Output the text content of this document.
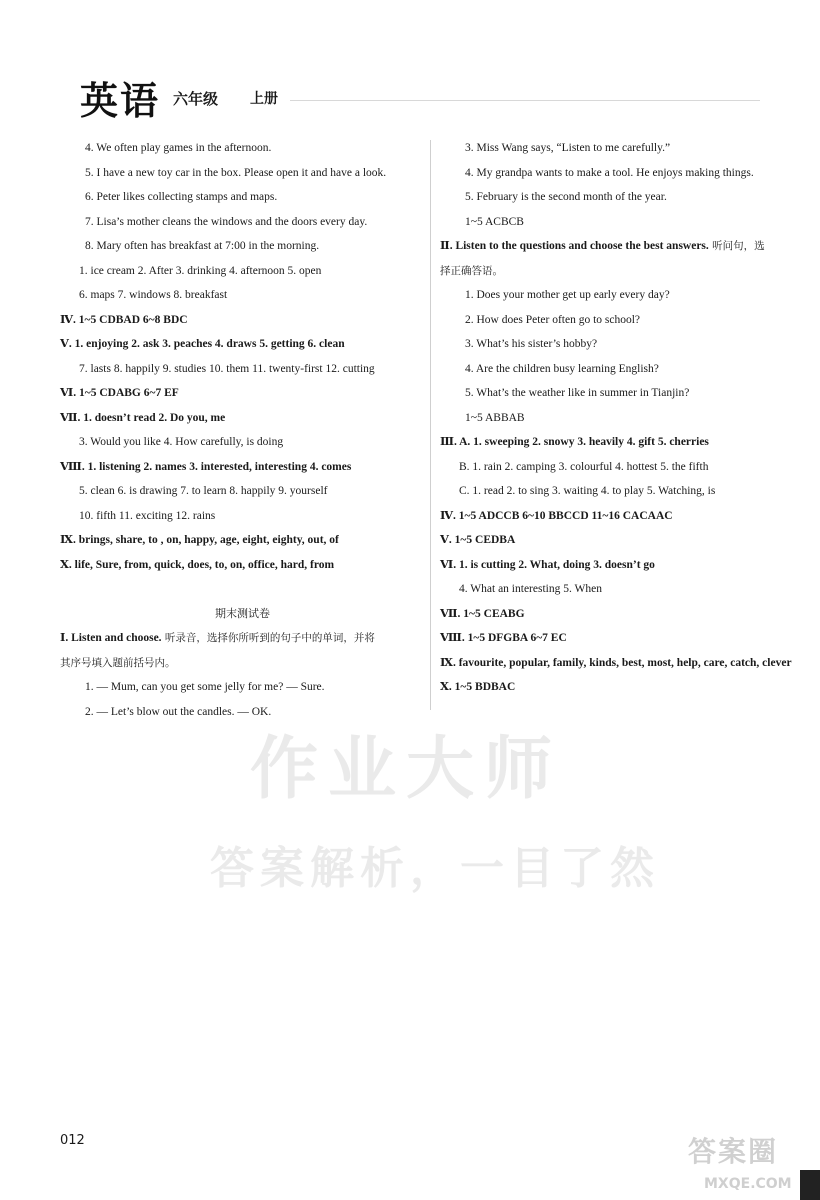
英语 六年级 上册
作业大师
答案解析，一目了然
4. We often play games in the afternoon.
5. I have a new toy car in the box. Please open it and have a look.
6. Peter likes collecting stamps and maps.
7. Lisa’s mother cleans the windows and the doors every day.
8. Mary often has breakfast at 7:00 in the morning.
1. ice cream 2. After 3. drinking 4. afternoon 5. open
6. maps 7. windows 8. breakfast
Ⅳ. 1~5 CDBAD 6~8 BDC
Ⅴ. 1. enjoying 2. ask 3. peaches 4. draws 5. getting 6. clean
7. lasts 8. happily 9. studies 10. them 11. twenty-first 12. cutting
Ⅵ. 1~5 CDABG 6~7 EF
Ⅶ. 1. doesn’t read 2. Do you, me
3. Would you like 4. How carefully, is doing
Ⅷ. 1. listening 2. names 3. interested, interesting 4. comes
5. clean 6. is drawing 7. to learn 8. happily 9. yourself
10. fifth 11. exciting 12. rains
Ⅸ. brings, share, to , on, happy, age, eight, eighty, out, of
Ⅹ. life, Sure, from, quick, does, to, on, office, hard, from

期末测试卷
Ⅰ. Listen and choose. 听录音，选择你所听到的句子中的单词，并将
其序号填入题前括号内。
1. — Mum, can you get some jelly for me? — Sure.
2. — Let’s blow out the candles. — OK.
3. Miss Wang says, “Listen to me carefully.”
4. My grandpa wants to make a tool. He enjoys making things.
5. February is the second month of the year.
1~5 ACBCB
Ⅱ. Listen to the questions and choose the best answers. 听问句，选
择正确答语。
1. Does your mother get up early every day?
2. How does Peter often go to school?
3. What’s his sister’s hobby?
4. Are the children busy learning English?
5. What’s the weather like in summer in Tianjin?
1~5 ABBAB
Ⅲ. A. 1. sweeping 2. snowy 3. heavily 4. gift 5. cherries
B. 1. rain 2. camping 3. colourful 4. hottest 5. the fifth
C. 1. read 2. to sing 3. waiting 4. to play 5. Watching, is
Ⅳ. 1~5 ADCCB 6~10 BBCCD 11~16 CACAAC
Ⅴ. 1~5 CEDBA
Ⅵ. 1. is cutting 2. What, doing 3. doesn’t go
4. What an interesting 5. When
Ⅶ. 1~5 CEABG
Ⅷ. 1~5 DFGBA 6~7 EC
Ⅸ. favourite, popular, family, kinds, best, most, help, care, catch, clever
Ⅹ. 1~5 BDBAC
012	答案圈
MXQE.COM
